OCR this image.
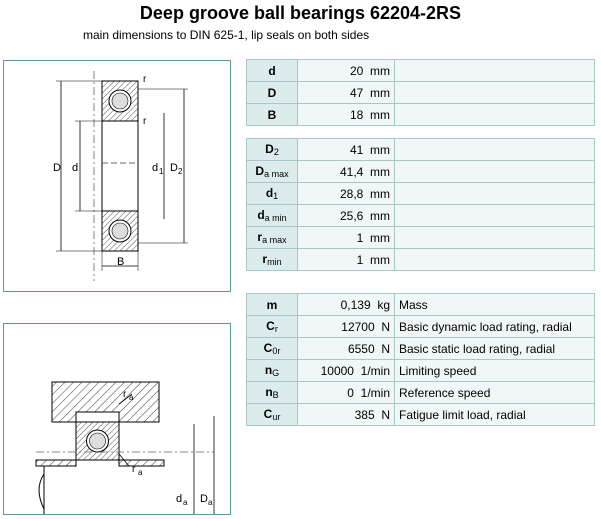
Deep groove ball bearings 62204-2RS
main dimensions to DIN 625-1, lip seals on both sides
D d	d 1 D 2
B
r
r
r a
r a
d a D a
d	20 mm	
D	47 mm	
B	18 mm	
$D_2$	41 mm	
$D_{a max}$	41,4 mm	
$d_1$	28,8 mm	
$d_{a min}$	25,6 mm	
$r_{a max}$	1 mm	
$r_{min}$	1 mm	
m	0,139 kg	Mass
$C_r$	12700 N	Basic dynamic load rating, radial
$C_{0r}$	6550 N	Basic static load rating, radial
$n_G$	10000 1/min	Limiting speed
$n_B$	0 1/min	Reference speed
$C_{ur}$	385 N	Fatigue limit load, radial
